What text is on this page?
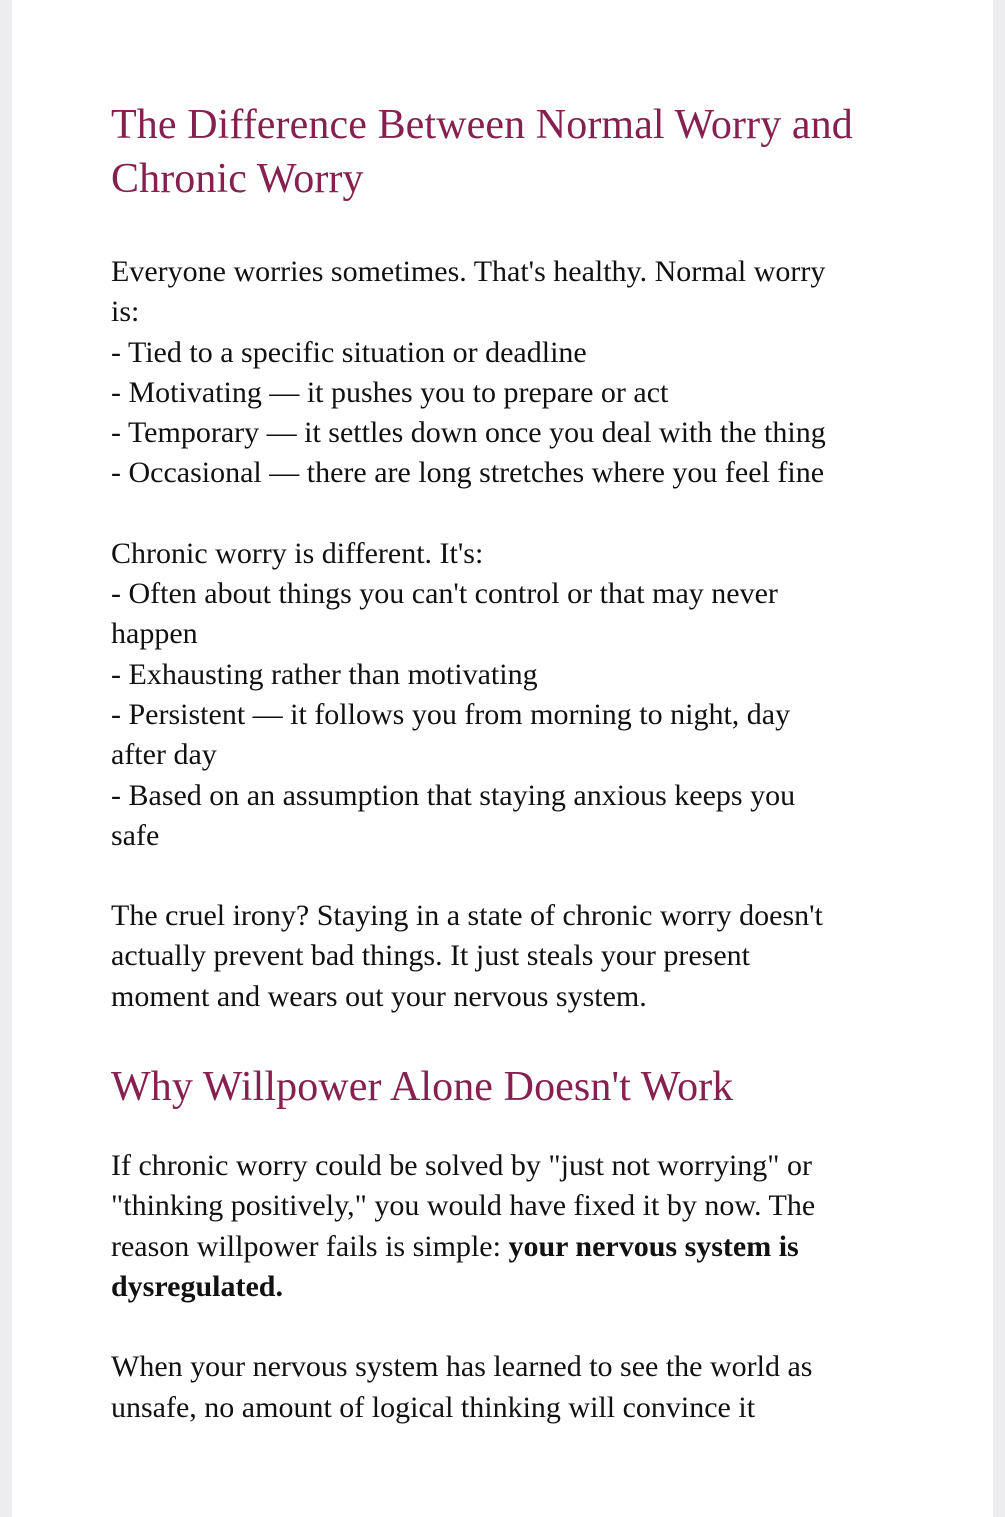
The Difference Between Normal Worry and Chronic Worry

Everyone worries sometimes. That's healthy. Normal worry
is:
- Tied to a specific situation or deadline
- Motivating — it pushes you to prepare or act
- Temporary — it settles down once you deal with the thing
- Occasional — there are long stretches where you feel fine

Chronic worry is different. It's:
- Often about things you can't control or that may never
happen
- Exhausting rather than motivating
- Persistent — it follows you from morning to night, day
after day
- Based on an assumption that staying anxious keeps you
safe

The cruel irony? Staying in a state of chronic worry doesn't
actually prevent bad things. It just steals your present
moment and wears out your nervous system.

Why Willpower Alone Doesn't Work

If chronic worry could be solved by "just not worrying" or
"thinking positively," you would have fixed it by now. The
reason willpower fails is simple: your nervous system is
dysregulated.

When your nervous system has learned to see the world as
unsafe, no amount of logical thinking will convince it
